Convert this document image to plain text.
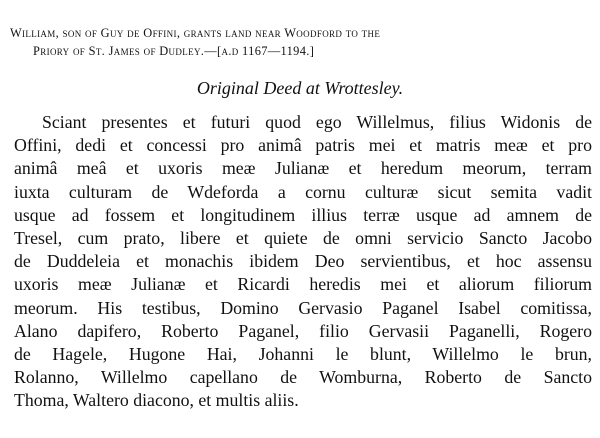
William, son of Guy de Offini, grants land near Woodford to the
Priory of St. James of Dudley.—[a.d 1167—1194.]
Original Deed at Wrottesley.
Sciant presentes et futuri quod ego Willelmus, filius Widonis de
Offini, dedi et concessi pro animâ patris mei et matris meæ et pro
animâ meâ et uxoris meæ Julianæ et heredum meorum, terram
iuxta culturam de Wdeforda a cornu culturæ sicut semita vadit
usque ad fossem et longitudinem illius terræ usque ad amnem de
Tresel, cum prato, libere et quiete de omni servicio Sancto Jacobo
de Duddeleia et monachis ibidem Deo servientibus, et hoc assensu
uxoris meæ Julianæ et Ricardi heredis mei et aliorum filiorum
meorum. His testibus, Domino Gervasio Paganel Isabel comitissa,
Alano dapifero, Roberto Paganel, filio Gervasii Paganelli, Rogero
de Hagele, Hugone Hai, Johanni le blunt, Willelmo le brun,
Rolanno, Willelmo capellano de Womburna, Roberto de Sancto
Thoma, Waltero diacono, et multis aliis.
